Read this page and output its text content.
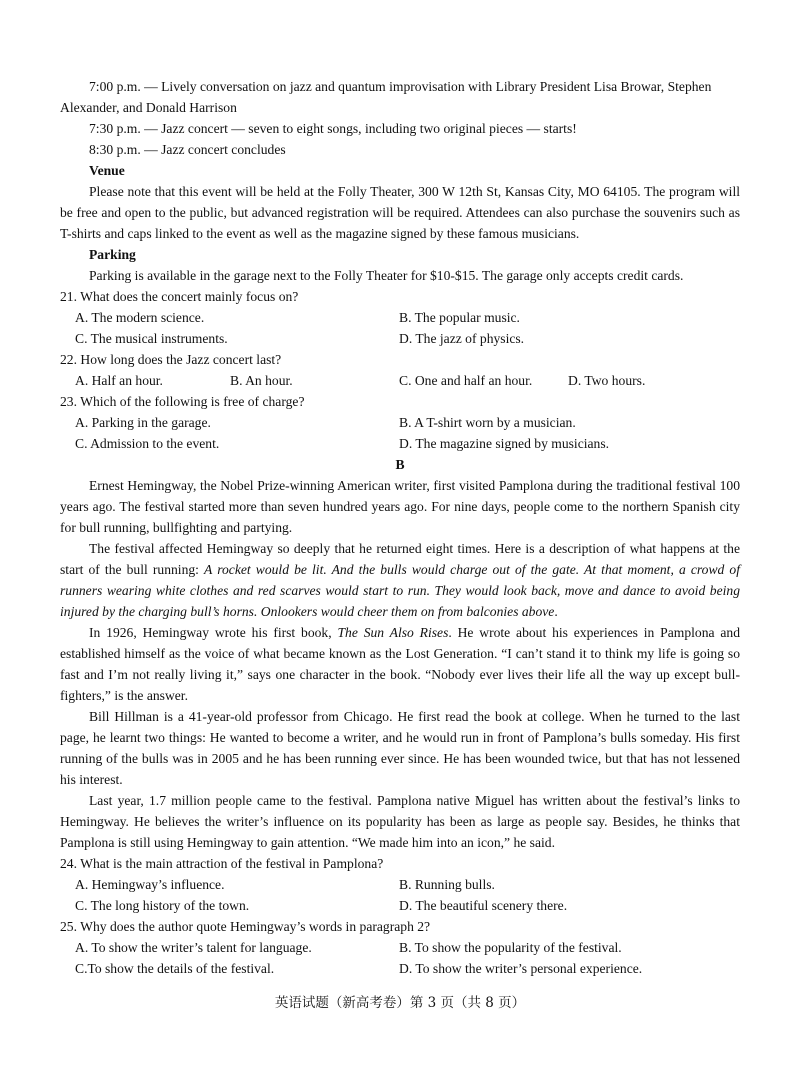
7:00 p.m. — Lively conversation on jazz and quantum improvisation with Library President Lisa Browar, Stephen Alexander, and Donald Harrison

7:30 p.m. — Jazz concert — seven to eight songs, including two original pieces — starts!

8:30 p.m. — Jazz concert concludes

Venue

Please note that this event will be held at the Folly Theater, 300 W 12th St, Kansas City, MO 64105. The program will be free and open to the public, but advanced registration will be required. Attendees can also purchase the souvenirs such as T-shirts and caps linked to the event as well as the magazine signed by these famous musicians.

Parking

Parking is available in the garage next to the Folly Theater for $10-$15. The garage only accepts credit cards.

21. What does the concert mainly focus on?

A. The modern science.	B. The popular music.
C. The musical instruments.	D. The jazz of physics.

22. How long does the Jazz concert last?

A. Half an hour.	B. An hour.	C. One and half an hour.	D. Two hours.

23. Which of the following is free of charge?

A. Parking in the garage.	B. A T-shirt worn by a musician.
C. Admission to the event.	D. The magazine signed by musicians.

B

Ernest Hemingway, the Nobel Prize-winning American writer, first visited Pamplona during the traditional festival 100 years ago. The festival started more than seven hundred years ago. For nine days, people come to the northern Spanish city for bull running, bullfighting and partying.

The festival affected Hemingway so deeply that he returned eight times. Here is a description of what happens at the start of the bull running: A rocket would be lit. And the bulls would charge out of the gate. At that moment, a crowd of runners wearing white clothes and red scarves would start to run. They would look back, move and dance to avoid being injured by the charging bull’s horns. Onlookers would cheer them on from balconies above.

In 1926, Hemingway wrote his first book, The Sun Also Rises. He wrote about his experiences in Pamplona and established himself as the voice of what became known as the Lost Generation. “I can’t stand it to think my life is going so fast and I’m not really living it,” says one character in the book. “Nobody ever lives their life all the way up except bull-fighters,” is the answer.

Bill Hillman is a 41-year-old professor from Chicago. He first read the book at college. When he turned to the last page, he learnt two things: He wanted to become a writer, and he would run in front of Pamplona’s bulls someday. His first running of the bulls was in 2005 and he has been running ever since. He has been wounded twice, but that has not lessened his interest.

Last year, 1.7 million people came to the festival. Pamplona native Miguel has written about the festival’s links to Hemingway. He believes the writer’s influence on its popularity has been as large as people say. Besides, he thinks that Pamplona is still using Hemingway to gain attention. “We made him into an icon,” he said.

24. What is the main attraction of the festival in Pamplona?

A. Hemingway’s influence.	B. Running bulls.
C. The long history of the town.	D. The beautiful scenery there.

25. Why does the author quote Hemingway’s words in paragraph 2?

A. To show the writer’s talent for language.	B. To show the popularity of the festival.
C.To show the details of the festival.	D. To show the writer’s personal experience.
英语试题（新高考卷）第 3 页（共 8 页）
